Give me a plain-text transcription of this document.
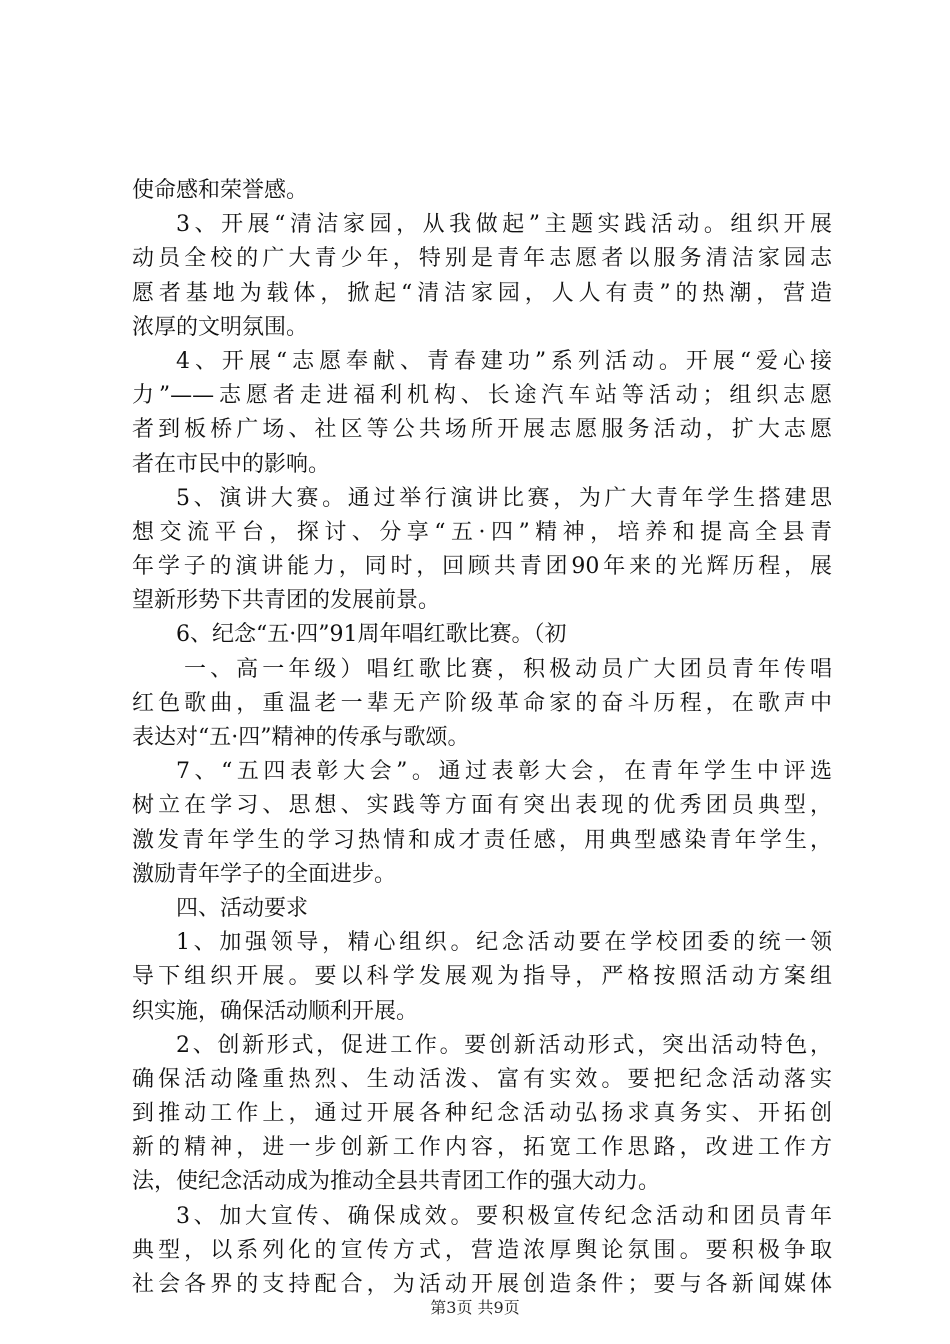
使命感和荣誉感。
3、开展“清洁家园，从我做起”主题实践活动。组织开展
动员全校的广大青少年，特别是青年志愿者以服务清洁家园志
愿者基地为载体，掀起“清洁家园，人人有责”的热潮，营造
浓厚的文明氛围。
4、开展“志愿奉献、青春建功”系列活动。开展“爱心接
力”——志愿者走进福利机构、长途汽车站等活动；组织志愿
者到板桥广场、社区等公共场所开展志愿服务活动，扩大志愿
者在市民中的影响。
5、演讲大赛。通过举行演讲比赛，为广大青年学生搭建思
想交流平台，探讨、分享“五·四”精神，培养和提高全县青
年学子的演讲能力，同时，回顾共青团90年来的光辉历程，展
望新形势下共青团的发展前景。
6、纪念“五·四”91周年唱红歌比赛。（初
一、高一年级）唱红歌比赛，积极动员广大团员青年传唱
红色歌曲，重温老一辈无产阶级革命家的奋斗历程，在歌声中
表达对“五·四”精神的传承与歌颂。
7、“五四表彰大会”。通过表彰大会，在青年学生中评选
树立在学习、思想、实践等方面有突出表现的优秀团员典型，
激发青年学生的学习热情和成才责任感，用典型感染青年学生，
激励青年学子的全面进步。
四、活动要求
1、加强领导，精心组织。纪念活动要在学校团委的统一领
导下组织开展。要以科学发展观为指导，严格按照活动方案组
织实施，确保活动顺利开展。
2、创新形式，促进工作。要创新活动形式，突出活动特色，
确保活动隆重热烈、生动活泼、富有实效。要把纪念活动落实
到推动工作上，通过开展各种纪念活动弘扬求真务实、开拓创
新的精神，进一步创新工作内容，拓宽工作思路，改进工作方
法，使纪念活动成为推动全县共青团工作的强大动力。
3、加大宣传、确保成效。要积极宣传纪念活动和团员青年
典型，以系列化的宣传方式，营造浓厚舆论氛围。要积极争取
社会各界的支持配合，为活动开展创造条件；要与各新闻媒体
第3页 共9页
